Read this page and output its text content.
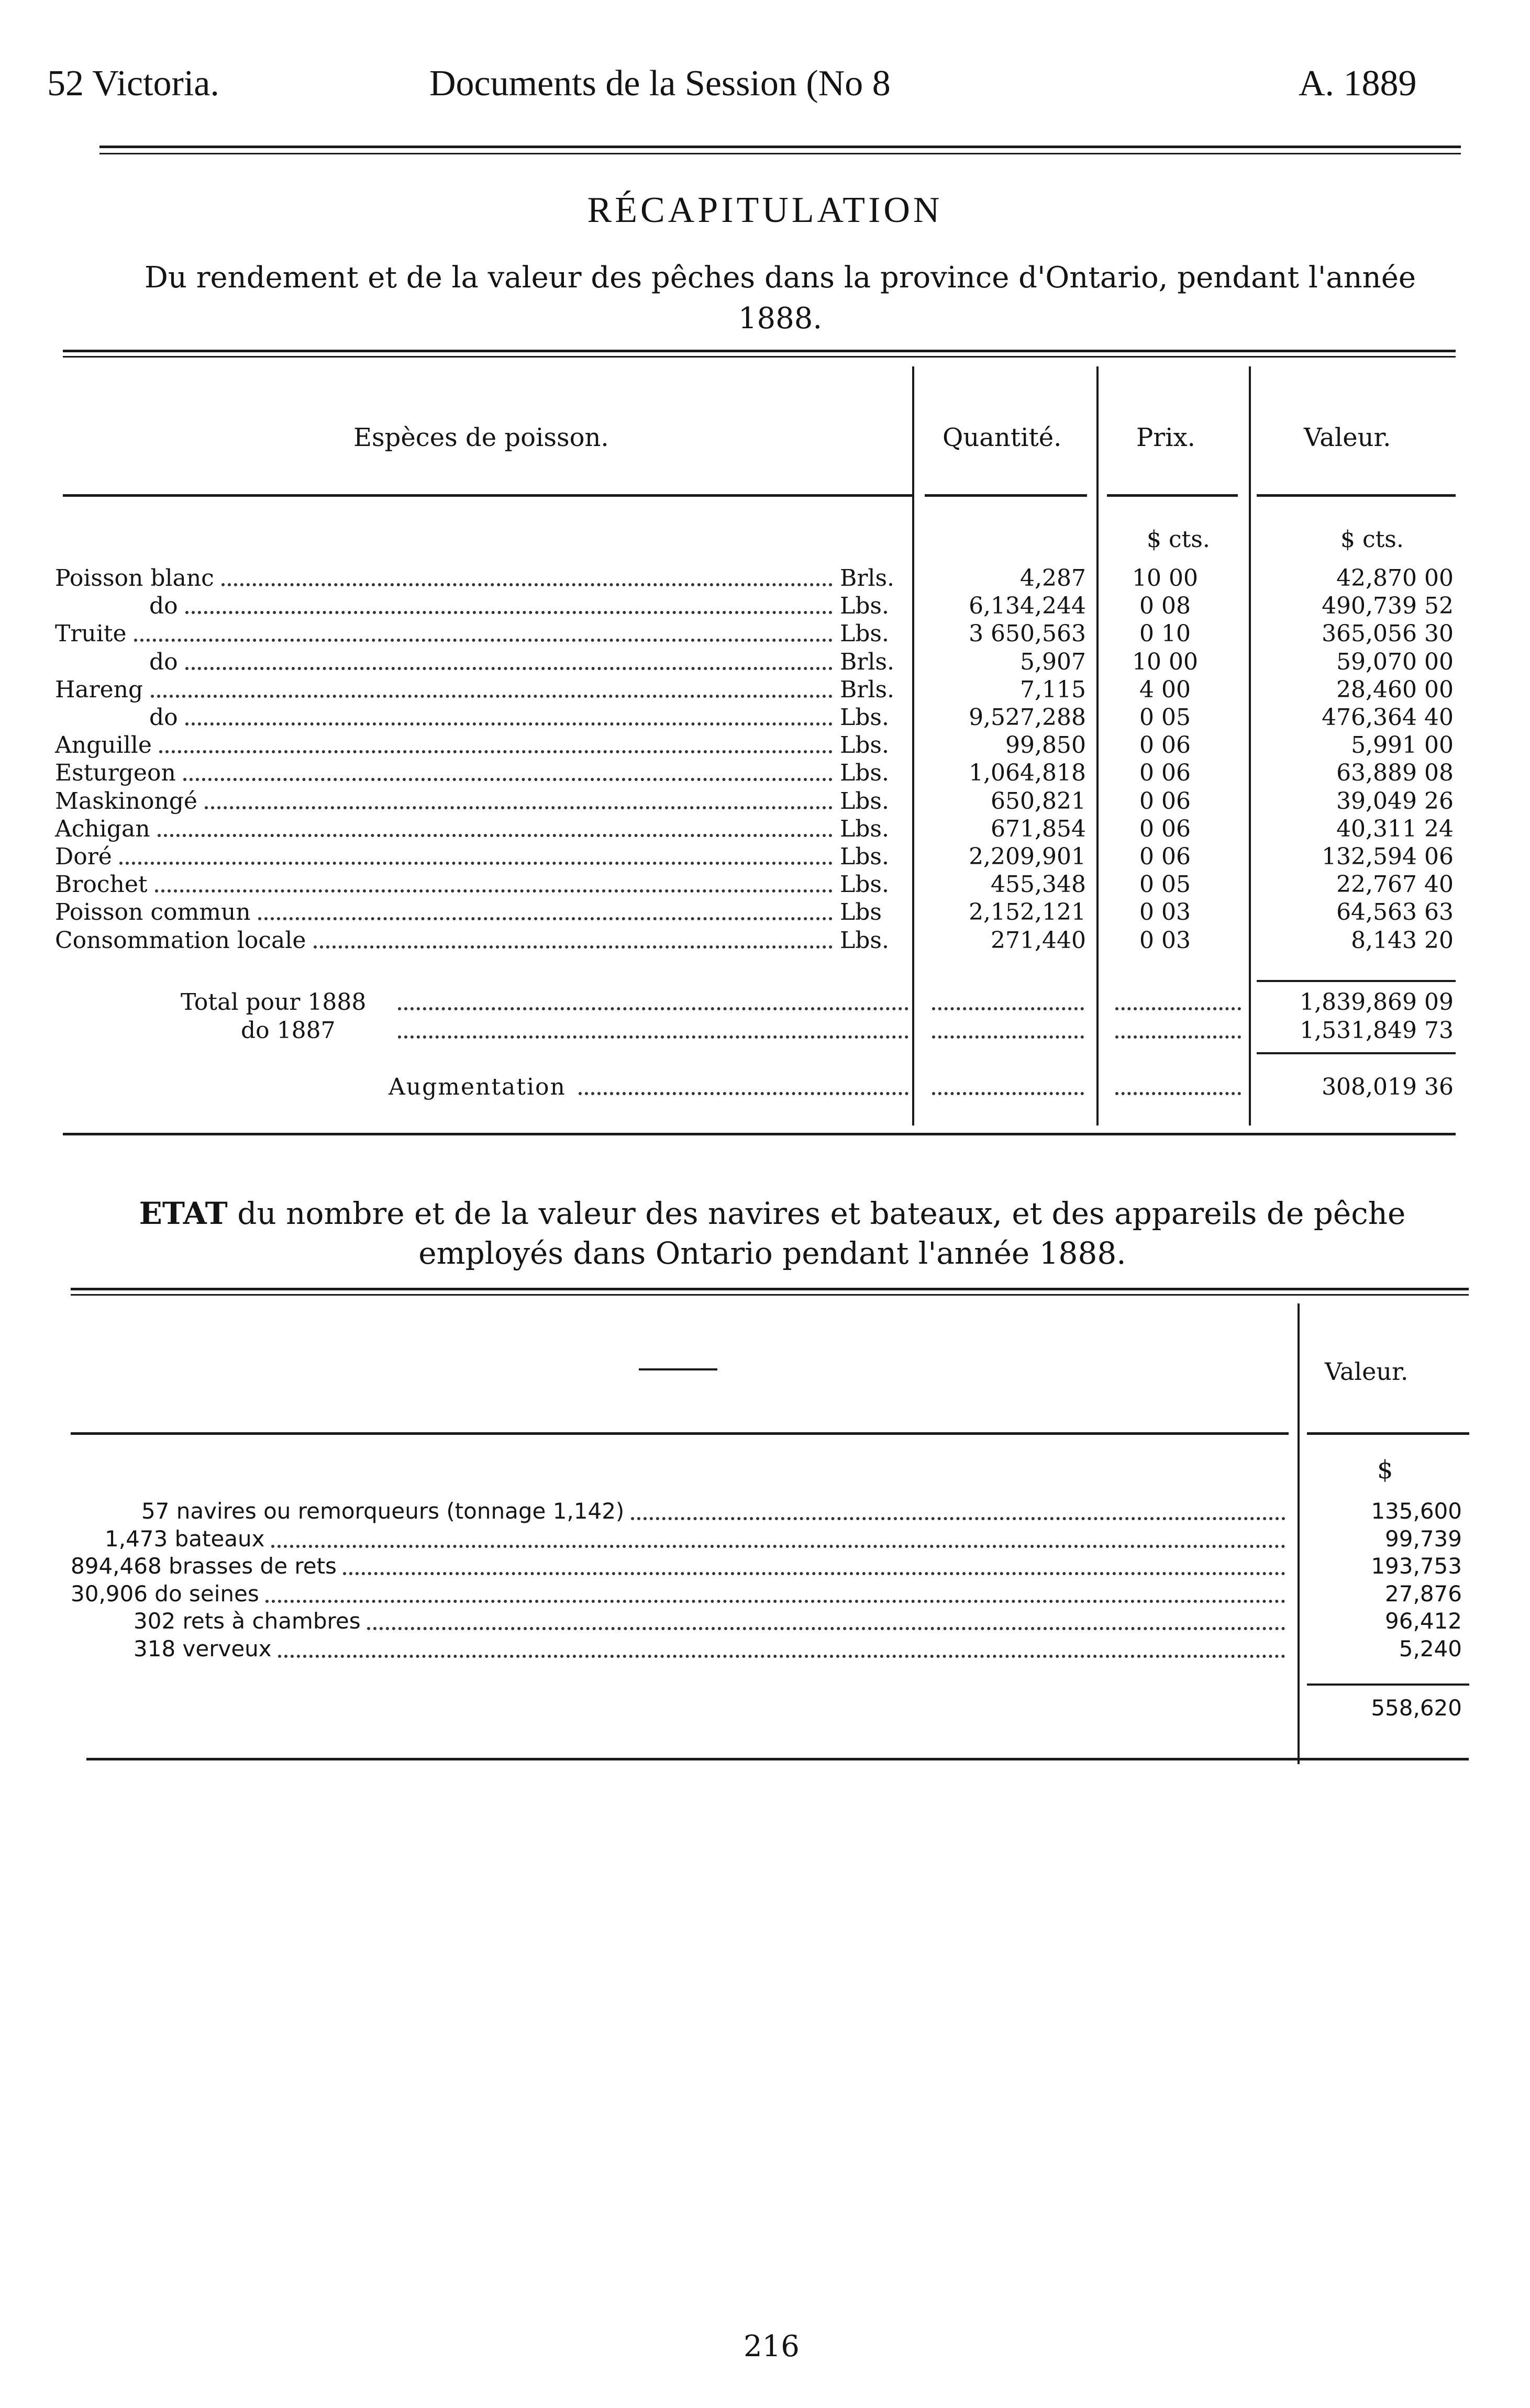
52 Victoria.	Documents de la Session (No 8	A. 1889
RÉCAPITULATION
Du rendement et de la valeur des pêches dans la province d'Ontario, pendant l'année 1888.
Espèces de poisson.	Quantité.	Prix.	Valeur.
$ cts.	$ cts.
Poisson blanc	Brls.	4,287	10 00	42,870 00
do	Lbs.	6,134,244	0 08	490,739 52
Truite	Lbs.	3 650,563	0 10	365,056 30
do	Brls.	5,907	10 00	59,070 00
Hareng	Brls.	7,115	4 00	28,460 00
do	Lbs.	9,527,288	0 05	476,364 40
Anguille	Lbs.	99,850	0 06	5,991 00
Esturgeon	Lbs.	1,064,818	0 06	63,889 08
Maskinongé	Lbs.	650,821	0 06	39,049 26
Achigan	Lbs.	671,854	0 06	40,311 24
Doré	Lbs.	2,209,901	0 06	132,594 06
Brochet	Lbs.	455,348	0 05	22,767 40
Poisson commun	Lbs	2,152,121	0 03	64,563 63
Consommation locale	Lbs.	271,440	0 03	8,143 20
Total pour 1888	1,839,869 09
do 1887	1,531,849 73
Augmentation	308,019 36
ETAT du nombre et de la valeur des navires et bateaux, et des appareils de pêche employés dans Ontario pendant l'année 1888.
Valeur.
$
57 navires ou remorqueurs (tonnage 1,142)	135,600
1,473 bateaux	99,739
894,468 brasses de rets	193,753
30,906 do seines	27,876
302 rets à chambres	96,412
318 verveux	5,240
558,620
216
